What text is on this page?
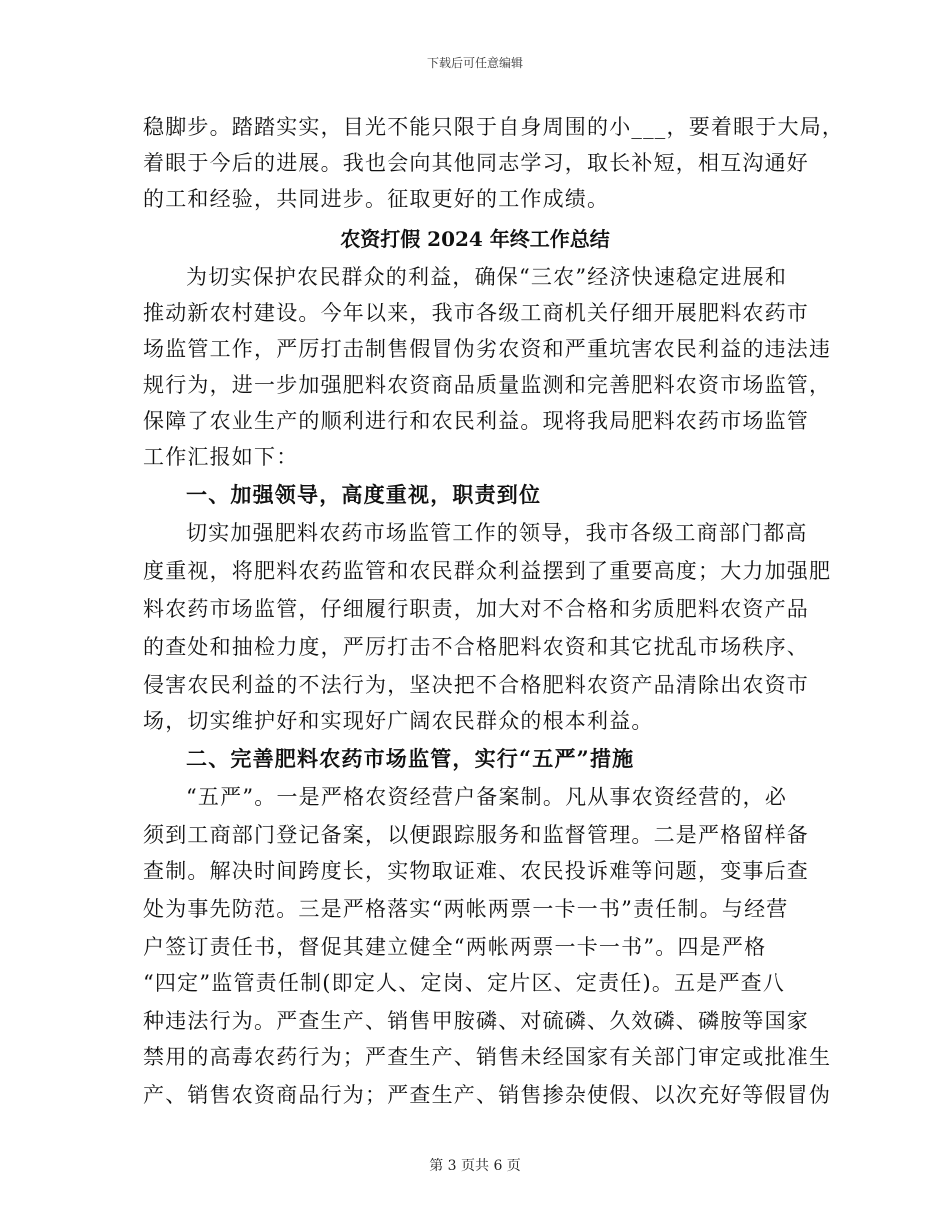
下载后可任意编辑
稳脚步。踏踏实实，目光不能只限于自身周围的小___，要着眼于大局，
着眼于今后的进展。我也会向其他同志学习，取长补短，相互沟通好
的工和经验，共同进步。征取更好的工作成绩。
农资打假 2024 年终工作总结
为切实保护农民群众的利益，确保“三农”经济快速稳定进展和
推动新农村建设。今年以来，我市各级工商机关仔细开展肥料农药市
场监管工作，严厉打击制售假冒伪劣农资和严重坑害农民利益的违法违
规行为，进一步加强肥料农资商品质量监测和完善肥料农资市场监管，
保障了农业生产的顺利进行和农民利益。现将我局肥料农药市场监管
工作汇报如下：
一、加强领导，高度重视，职责到位
切实加强肥料农药市场监管工作的领导，我市各级工商部门都高
度重视，将肥料农药监管和农民群众利益摆到了重要高度；大力加强肥
料农药市场监管，仔细履行职责，加大对不合格和劣质肥料农资产品
的查处和抽检力度，严厉打击不合格肥料农资和其它扰乱市场秩序、
侵害农民利益的不法行为，坚决把不合格肥料农资产品清除出农资市
场，切实维护好和实现好广阔农民群众的根本利益。
二、完善肥料农药市场监管，实行“五严”措施
“五严”。一是严格农资经营户备案制。凡从事农资经营的，必
须到工商部门登记备案，以便跟踪服务和监督管理。二是严格留样备
查制。解决时间跨度长，实物取证难、农民投诉难等问题，变事后查
处为事先防范。三是严格落实“两帐两票一卡一书”责任制。与经营
户签订责任书，督促其建立健全“两帐两票一卡一书”。四是严格
“四定”监管责任制(即定人、定岗、定片区、定责任)。五是严查八
种违法行为。严查生产、销售甲胺磷、对硫磷、久效磷、磷胺等国家
禁用的高毒农药行为；严查生产、销售未经国家有关部门审定或批准生
产、销售农资商品行为；严查生产、销售掺杂使假、以次充好等假冒伪
第 3 页共 6 页
